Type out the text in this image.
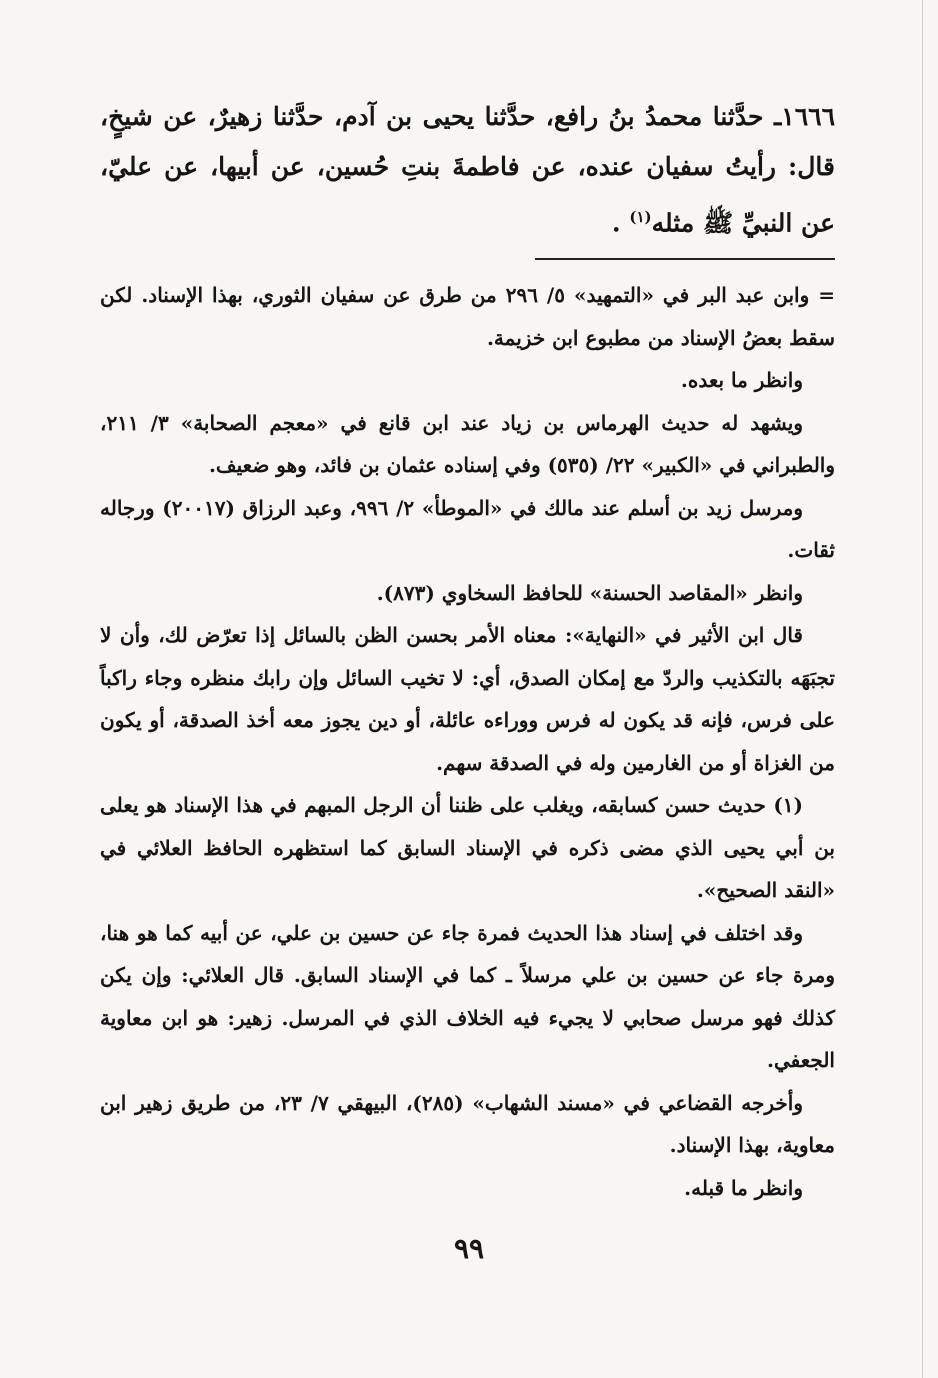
١٦٦٦ـ حدَّثنا محمدُ بنُ رافع، حدَّثنا يحيى بن آدم، حدَّثنا زهيرٌ، عن شيخٍ، قال: رأيتُ سفيان عنده، عن فاطمةَ بنتِ حُسين، عن أبيها، عن عليّ، عن النبيِّ ﷺ مثله$^{(١)}$ .

= وابن عبد البر في «التمهيد» ٥/ ٢٩٦ من طرق عن سفيان الثوري، بهذا الإسناد. لكن سقط بعضُ الإسناد من مطبوع ابن خزيمة.

وانظر ما بعده.

ويشهد له حديث الهرماس بن زياد عند ابن قانع في «معجم الصحابة» ٣/ ٢١١، والطبراني في «الكبير» ٢٢/ (٥٣٥) وفي إسناده عثمان بن فائد، وهو ضعيف.

ومرسل زيد بن أسلم عند مالك في «الموطأ» ٢/ ٩٩٦، وعبد الرزاق (٢٠٠١٧) ورجاله ثقات.

وانظر «المقاصد الحسنة» للحافظ السخاوي (٨٧٣).

قال ابن الأثير في «النهاية»: معناه الأمر بحسن الظن بالسائل إذا تعرّض لك، وأن لا تجبَهَه بالتكذيب والردّ مع إمكان الصدق، أي: لا تخيب السائل وإن رابك منظره وجاء راكباً على فرس، فإنه قد يكون له فرس ووراءه عائلة، أو دين يجوز معه أخذ الصدقة، أو يكون من الغزاة أو من الغارمين وله في الصدقة سهم.

(١) حديث حسن كسابقه، ويغلب على ظننا أن الرجل المبهم في هذا الإسناد هو يعلى بن أبي يحيى الذي مضى ذكره في الإسناد السابق كما استظهره الحافظ العلائي في «النقد الصحيح».

وقد اختلف في إسناد هذا الحديث فمرة جاء عن حسين بن علي، عن أبيه كما هو هنا، ومرة جاء عن حسين بن علي مرسلاً ـ كما في الإسناد السابق. قال العلائي: وإن يكن كذلك فهو مرسل صحابي لا يجيء فيه الخلاف الذي في المرسل. زهير: هو ابن معاوية الجعفي.

وأخرجه القضاعي في «مسند الشهاب» (٢٨٥)، البيهقي ٧/ ٢٣، من طريق زهير ابن معاوية، بهذا الإسناد.

وانظر ما قبله.

٩٩
